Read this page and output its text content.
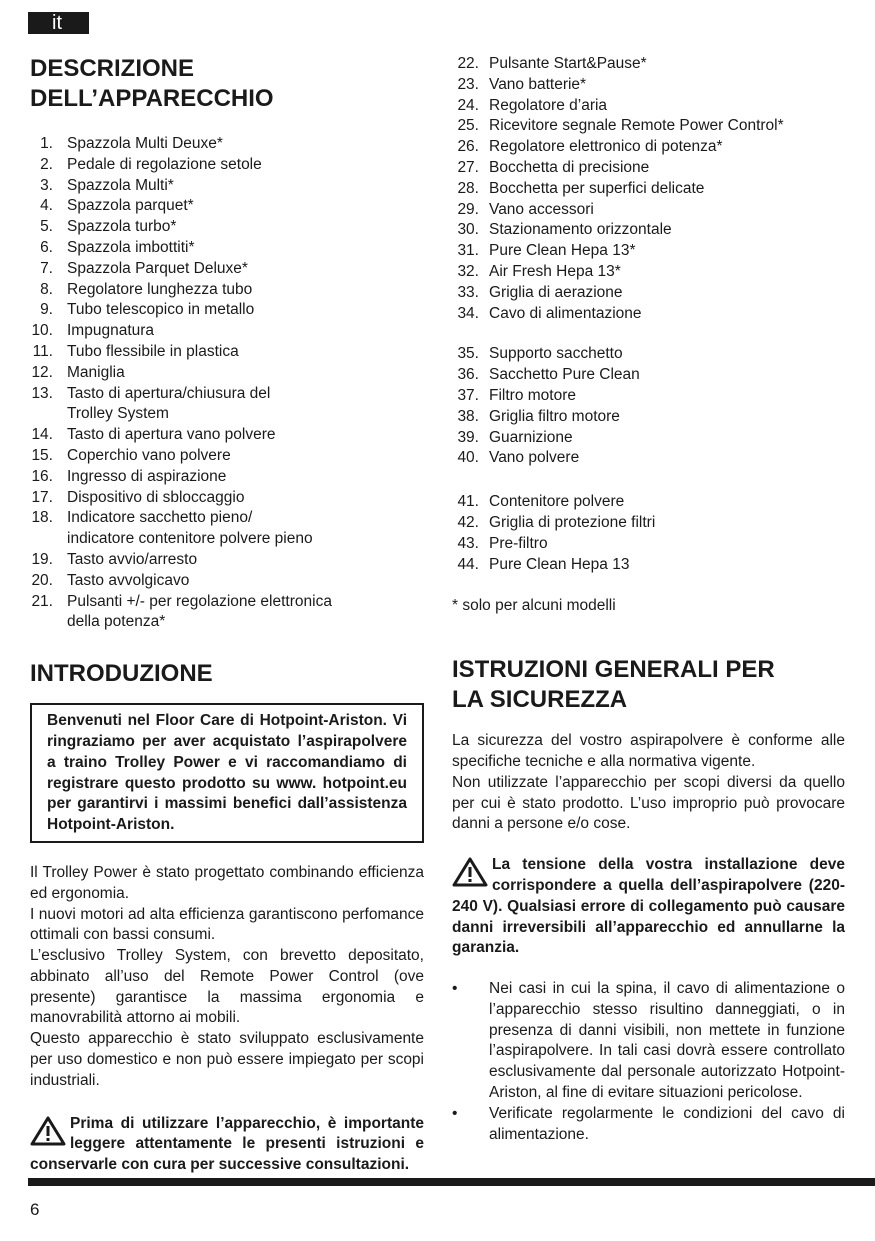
it
DESCRIZIONE
DELL’APPARECCHIO
1. Spazzola Multi Deuxe*
2. Pedale di regolazione setole
3. Spazzola Multi*
4. Spazzola parquet*
5. Spazzola turbo*
6. Spazzola imbottiti*
7. Spazzola Parquet Deluxe*
8. Regolatore lunghezza tubo
9. Tubo telescopico in metallo
10. Impugnatura
11. Tubo flessibile in plastica
12. Maniglia
13. Tasto di apertura/chiusura del
Trolley System
14. Tasto di apertura vano polvere
15. Coperchio vano polvere
16. Ingresso di aspirazione
17. Dispositivo di sbloccaggio
18. Indicatore sacchetto pieno/
indicatore contenitore polvere pieno
19. Tasto avvio/arresto
20. Tasto avvolgicavo
21. Pulsanti +/- per regolazione elettronica
della potenza*
INTRODUZIONE
Benvenuti nel Floor Care di Hotpoint-Ariston. Vi ringraziamo per aver acquistato l’aspirapolvere a traino Trolley Power e vi raccomandiamo di registrare questo prodotto su www. hotpoint.eu per garantirvi i massimi benefici dall’assistenza Hotpoint-Ariston.

Il Trolley Power è stato progettato combinando efficienza ed ergonomia.

I nuovi motori ad alta efficienza garantiscono perfomance ottimali con bassi consumi.

L’esclusivo Trolley System, con brevetto depositato, abbinato all’uso del Remote Power Control (ove presente) garantisce la massima ergonomia e manovrabilità attorno ai mobili.

Questo apparecchio è stato sviluppato esclusivamente per uso domestico e non può essere impiegato per scopi industriali.

Prima di utilizzare l’apparecchio, è importante leggere attentamente le presenti istruzioni e conservarle con cura per successive consultazioni.
22. Pulsante Start&Pause*
23. Vano batterie*
24. Regolatore d’aria
25. Ricevitore segnale Remote Power Control*
26. Regolatore elettronico di potenza*
27. Bocchetta di precisione
28. Bocchetta per superfici delicate
29. Vano accessori
30. Stazionamento orizzontale
31. Pure Clean Hepa 13*
32. Air Fresh Hepa 13*
33. Griglia di aerazione
34. Cavo di alimentazione
35. Supporto sacchetto
36. Sacchetto Pure Clean
37. Filtro motore
38. Griglia filtro motore
39. Guarnizione
40. Vano polvere
41. Contenitore polvere
42. Griglia di protezione filtri
43. Pre-filtro
44. Pure Clean Hepa 13
* solo per alcuni modelli
ISTRUZIONI GENERALI PER
LA SICUREZZA

La sicurezza del vostro aspirapolvere è conforme alle specifiche tecniche e alla normativa vigente.

Non utilizzate l’apparecchio per scopi diversi da quello per cui è stato prodotto. L’uso improprio può provocare danni a persone e/o cose.

La tensione della vostra installazione deve corrispondere a quella dell’aspirapolvere (220-240 V). Qualsiasi errore di collegamento può causare danni irreversibili all’apparecchio ed annullarne la garanzia.
•	Nei casi in cui la spina, il cavo di alimentazione o l’apparecchio stesso risultino danneggiati, o in presenza di danni visibili, non mettete in funzione l’aspirapolvere. In tali casi dovrà essere controllato esclusivamente dal personale autorizzato Hotpoint-Ariston, al fine di evitare situazioni pericolose.
•	Verificate regolarmente le condizioni del cavo di alimentazione.
6
